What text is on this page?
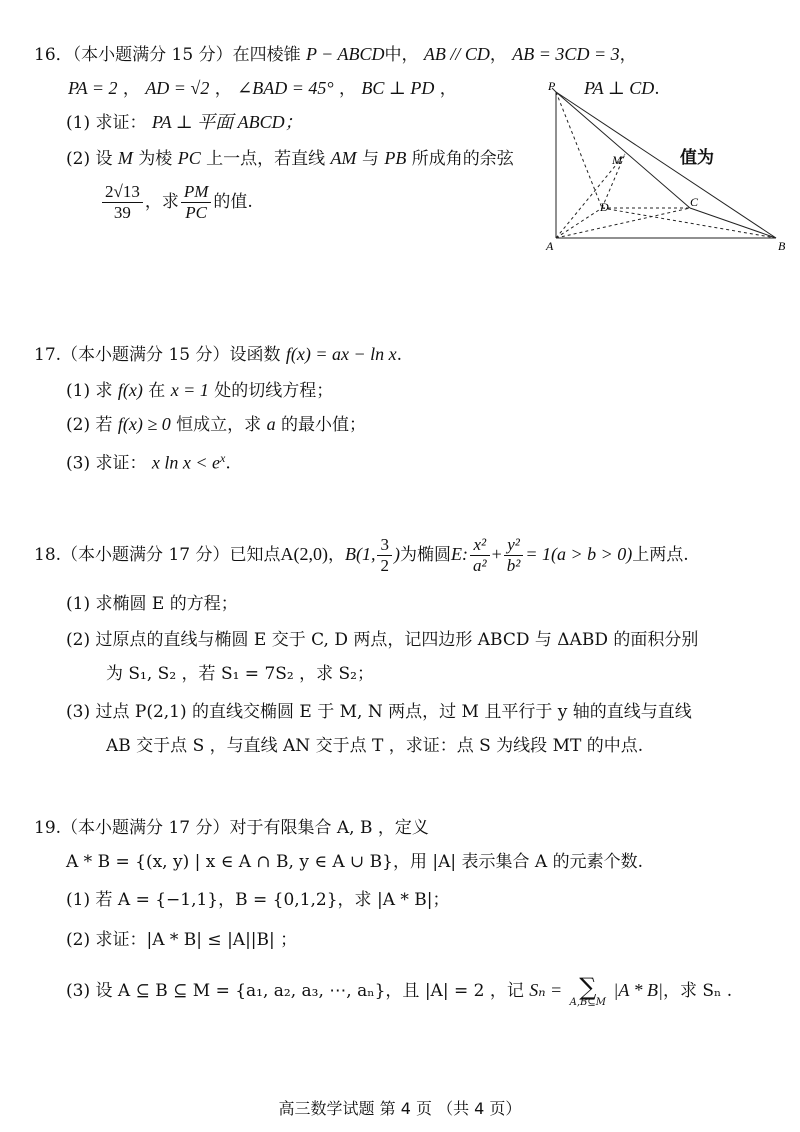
16．（本小题满分 15 分）在四棱锥 P − ABCD中， AB // CD， AB = 3CD = 3，
PA = 2 ， AD = √2 ， ∠BAD = 45° ， BC ⊥ PD ，	PA ⊥ CD.
(1) 求证： PA ⊥ 平面 ABCD；
(2) 设 M 为棱 PC 上一点，若直线 AM 与 PB 所成角的余弦	值为
$\frac{2√13}{39}$ ，求 $\frac{PM}{PC}$ 的值.
P
A	B
C
D
M
17.（本小题满分 15 分）设函数 f(x) = ax − ln x.
(1) 求 f(x) 在 x = 1 处的切线方程；
(2) 若 f(x) ≥ 0 恒成立，求 a 的最小值；
(3) 求证： x $\ln x < e^x$.
18.（本小题满分 17 分）已知点A(2,0)，B(1, $\frac{3}{2}$ )为椭圆E: $\frac{\text{x²}}{\text{a²}} + \frac{\text{y²}}{\text{b²}} = 1(a > b > 0)$上两点.
(1) 求椭圆 E 的方程；
(2) 过原点的直线与椭圆 E 交于 C, D 两点，记四边形 ABCD 与 ΔABD 的面积分别
为 S₁, S₂ ，若 S₁ = 7S₂ ，求 S₂；
(3) 过点 P(2,1) 的直线交椭圆 E 于 M, N 两点，过 M 且平行于 y 轴的直线与直线
AB 交于点 S ，与直线 AN 交于点 T ，求证：点 S 为线段 MT 的中点.
19.（本小题满分 17 分）对于有限集合 A, B ，定义
A * B = {(x, y) | x ∈ A ∩ B, y ∈ A ∪ B}，用 |A| 表示集合 A 的元素个数.
(1) 若 A = {−1,1}，B = {0,1,2}，求 |A * B|；
(2) 求证：|A * B| ≤ |A||B| ；
(3) 设 A ⊆ B ⊆ M = {a₁, a₂, a₃, ⋯, aₙ}，且 |A| = 2 ，记 Sₙ = ∑
A,B⊆M
|A * B|，求 Sₙ .
高三数学试题 第 4 页 （共 4 页）
